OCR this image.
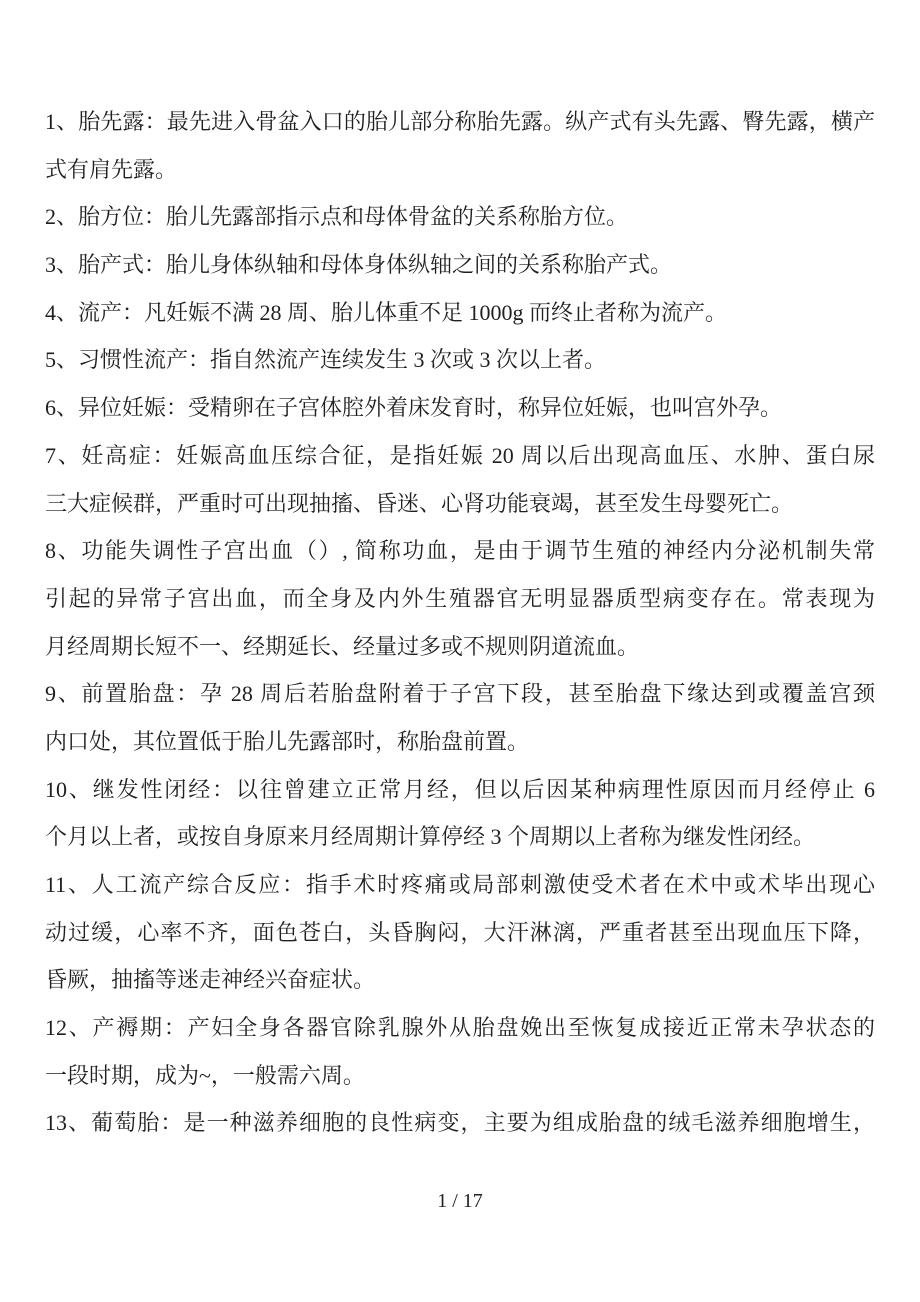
1、胎先露：最先进入骨盆入口的胎儿部分称胎先露。纵产式有头先露、臀先露，横产
式有肩先露。
2、胎方位：胎儿先露部指示点和母体骨盆的关系称胎方位。
3、胎产式：胎儿身体纵轴和母体身体纵轴之间的关系称胎产式。
4、流产：凡妊娠不满 28 周、胎儿体重不足 1000g 而终止者称为流产。
5、习惯性流产：指自然流产连续发生 3 次或 3 次以上者。
6、异位妊娠：受精卵在子宫体腔外着床发育时，称异位妊娠，也叫宫外孕。
7、妊高症：妊娠高血压综合征，是指妊娠 20 周以后出现高血压、水肿、蛋白尿
三大症候群，严重时可出现抽搐、昏迷、心肾功能衰竭，甚至发生母婴死亡。
8、功能失调性子宫出血（）, 简称功血，是由于调节生殖的神经内分泌机制失常
引起的异常子宫出血，而全身及内外生殖器官无明显器质型病变存在。常表现为
月经周期长短不一、经期延长、经量过多或不规则阴道流血。
9、前置胎盘：孕 28 周后若胎盘附着于子宫下段，甚至胎盘下缘达到或覆盖宫颈
内口处，其位置低于胎儿先露部时，称胎盘前置。
10、继发性闭经：以往曾建立正常月经，但以后因某种病理性原因而月经停止 6
个月以上者，或按自身原来月经周期计算停经 3 个周期以上者称为继发性闭经。
11、人工流产综合反应：指手术时疼痛或局部刺激使受术者在术中或术毕出现心
动过缓，心率不齐，面色苍白，头昏胸闷，大汗淋漓，严重者甚至出现血压下降，
昏厥，抽搐等迷走神经兴奋症状。
12、产褥期：产妇全身各器官除乳腺外从胎盘娩出至恢复成接近正常未孕状态的
一段时期，成为~，一般需六周。
13、葡萄胎：是一种滋养细胞的良性病变，主要为组成胎盘的绒毛滋养细胞增生，
1 / 17
